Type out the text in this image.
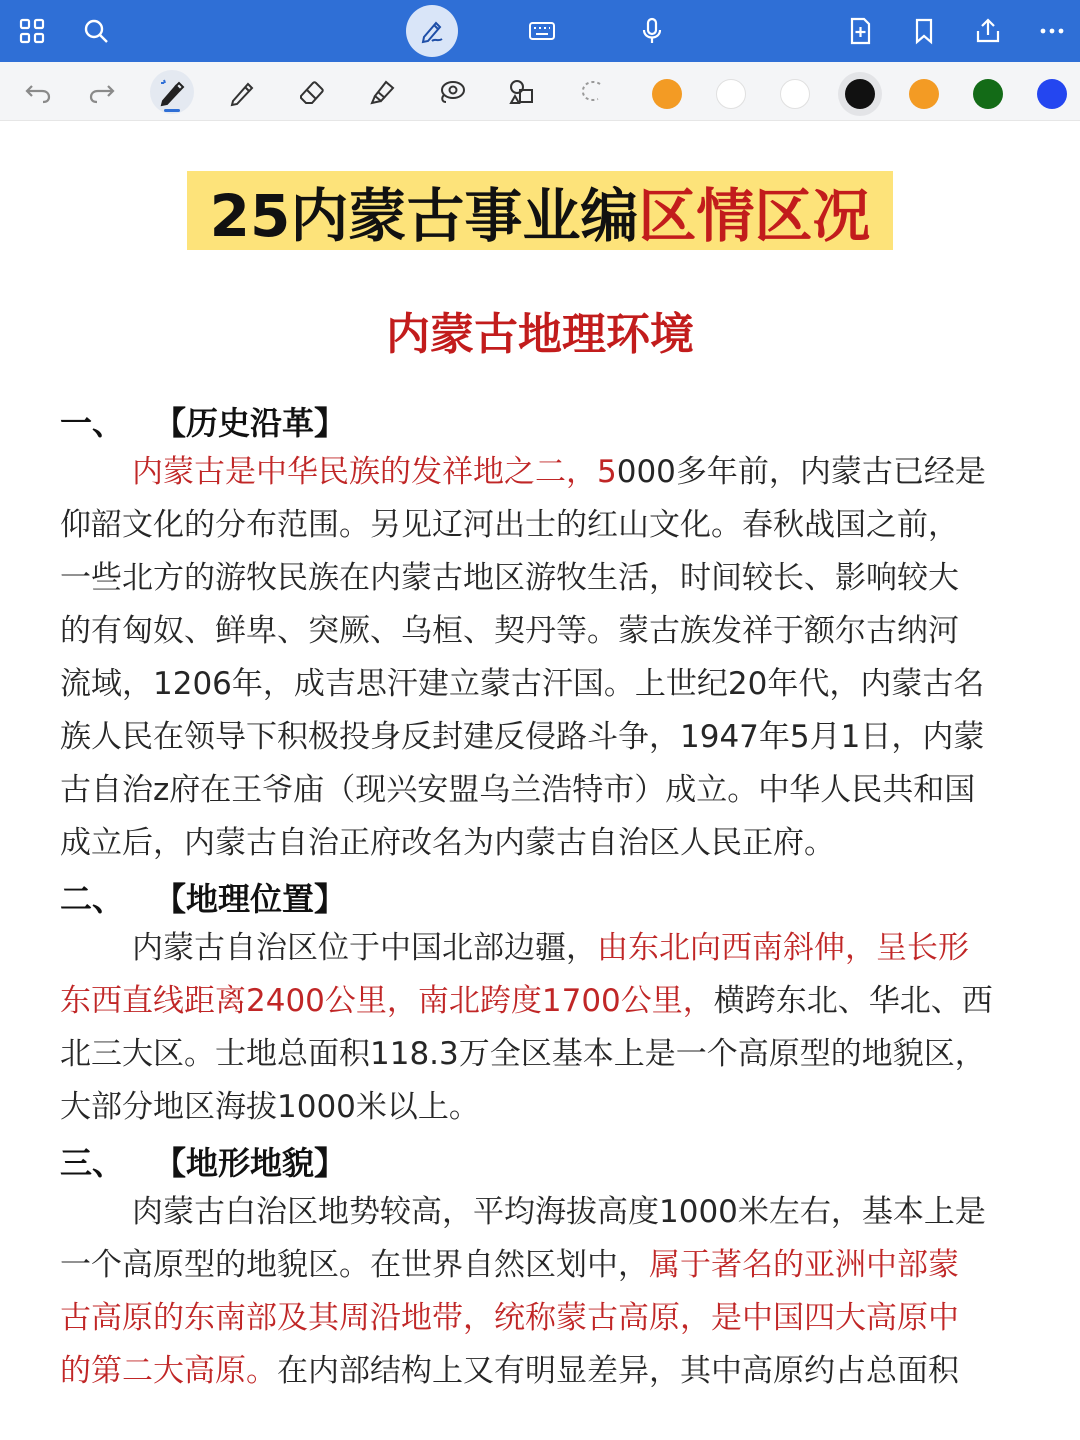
25内蒙古事业编 区情区况
内蒙古地理环境
一、 【历史沿革】
内蒙古是中华民族的发祥地之二，5000多年前，内蒙古已经是
仰韶文化的分布范围。另见辽河出士的红山文化。春秋战国之前，
一些北方的游牧民族在内蒙古地区游牧生活，时间较长、影响较大
的有匈奴、鲜卑、突厥、乌桓、契丹等。蒙古族发祥于额尔古纳河
流域，1206年，成吉思汗建立蒙古汗国。上世纪20年代，内蒙古名
族人民在领导下积极投身反封建反侵路斗争，1947年5月1日，内蒙
古自治z府在王爷庙（现兴安盟乌兰浩特市）成立。中华人民共和国
成立后，内蒙古自治正府改名为内蒙古自治区人民正府。
二、 【地理位置】
内蒙古自治区位于中国北部边疆，由东北向西南斜伸，呈长形
东西直线距离2400公里，南北跨度1700公里，横跨东北、华北、西
北三大区。士地总面积118.3万全区基本上是一个高原型的地貌区，
大部分地区海拔1000米以上。
三、 【地形地貌】
肉蒙古白治区地势较高，平均海拔高度1000米左右，基本上是
一个高原型的地貌区。在世界自然区划中，属于著名的亚洲中部蒙
古高原的东南部及其周沿地带，统称蒙古高原，是中国四大高原中
的第二大高原。在内部结构上又有明显差异，其中高原约占总面积
